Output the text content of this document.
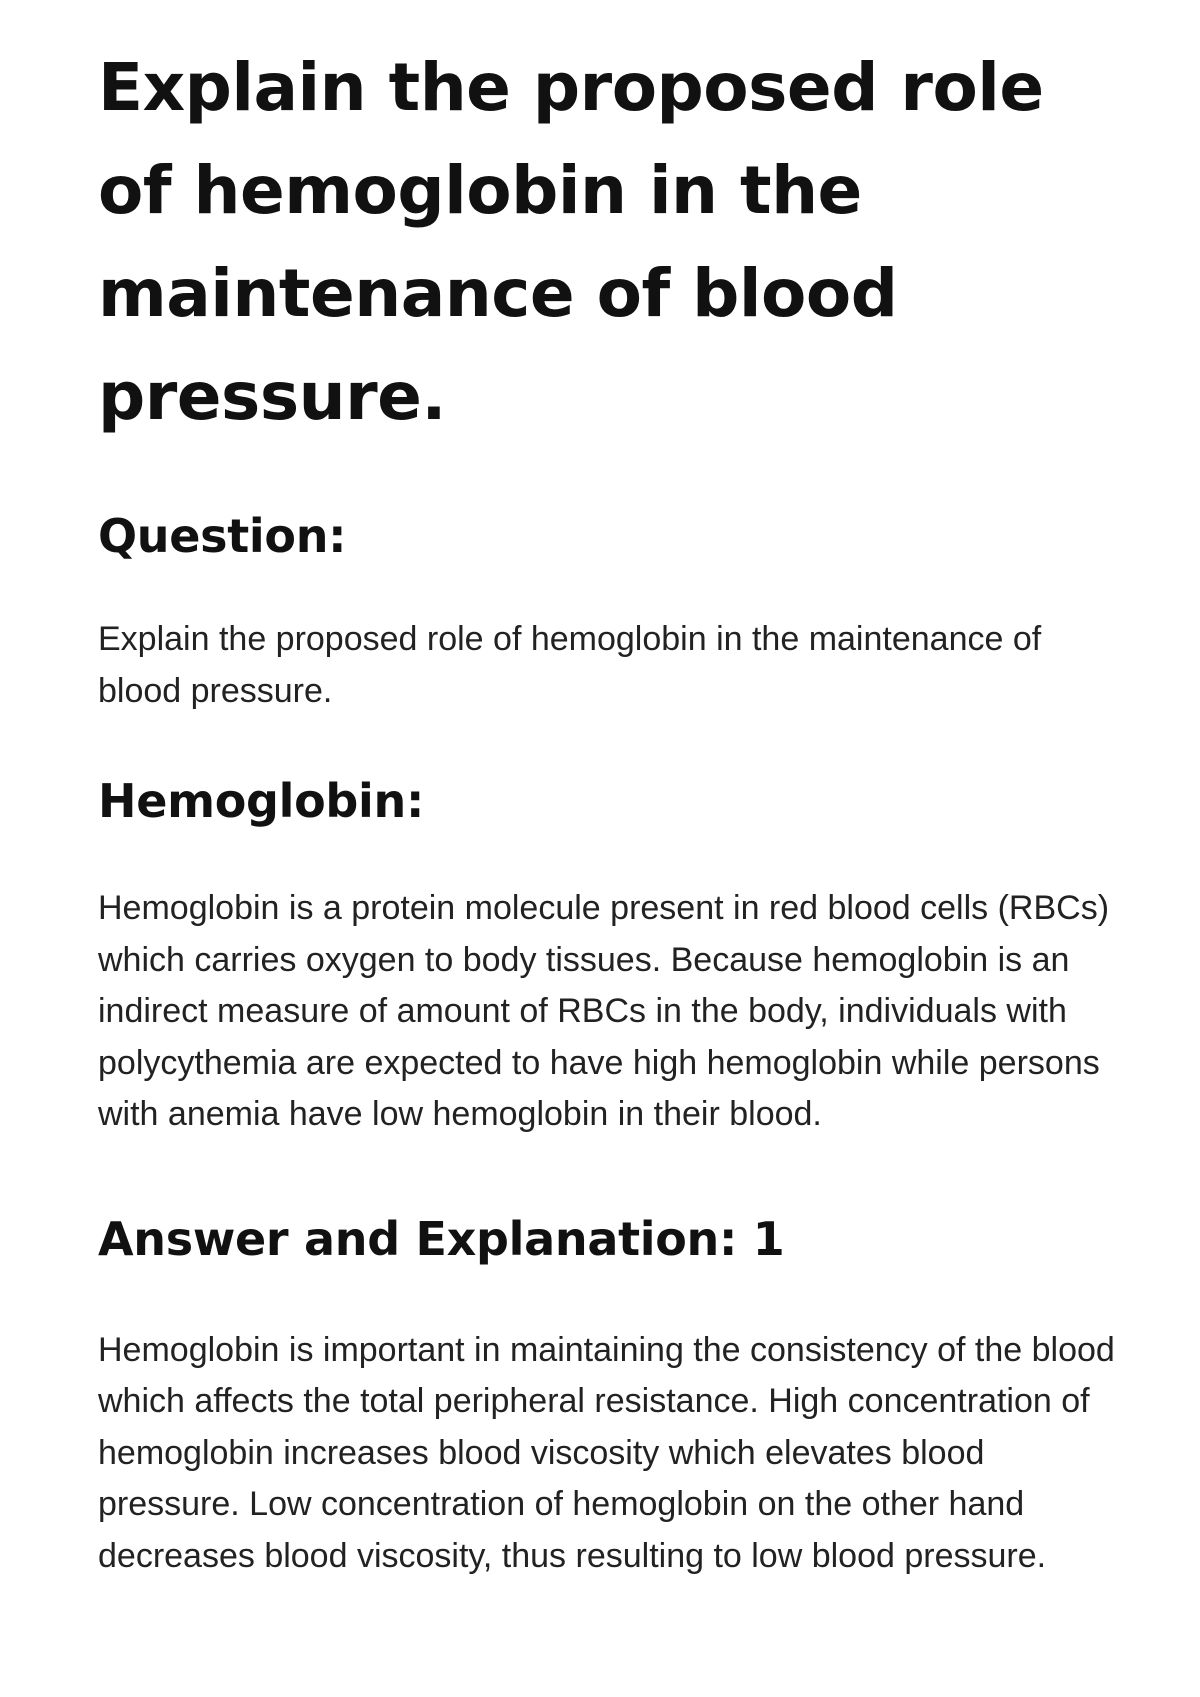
Explain the proposed role of hemoglobin in the maintenance of blood pressure.
Question:

Explain the proposed role of hemoglobin in the maintenance of blood pressure.

Hemoglobin:

Hemoglobin is a protein molecule present in red blood cells (RBCs) which carries oxygen to body tissues. Because hemoglobin is an indirect measure of amount of RBCs in the body, individuals with polycythemia are expected to have high hemoglobin while persons with anemia have low hemoglobin in their blood.

Answer and Explanation: 1

Hemoglobin is important in maintaining the consistency of the blood which affects the total peripheral resistance. High concentration of hemoglobin increases blood viscosity which elevates blood pressure. Low concentration of hemoglobin on the other hand decreases blood viscosity, thus resulting to low blood pressure.
